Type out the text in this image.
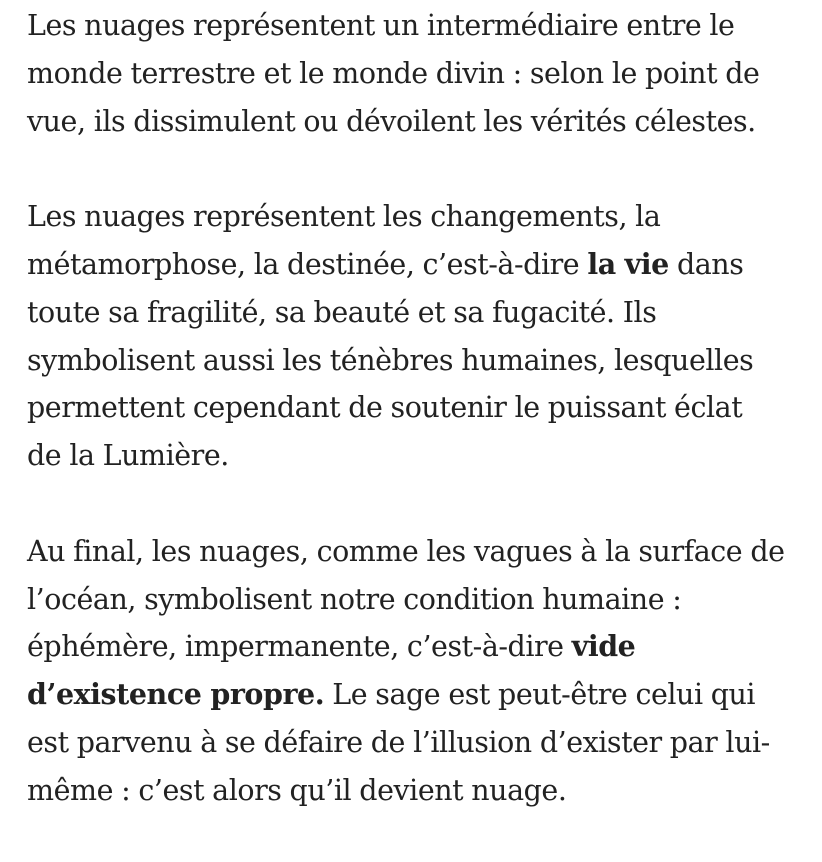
Les nuages représentent un intermédiaire entre le
monde terrestre et le monde divin : selon le point de
vue, ils dissimulent ou dévoilent les vérités célestes.

Les nuages représentent les changements, la
métamorphose, la destinée, c’est-à-dire la vie dans
toute sa fragilité, sa beauté et sa fugacité. Ils
symbolisent aussi les ténèbres humaines, lesquelles
permettent cependant de soutenir le puissant éclat
de la Lumière.

Au final, les nuages, comme les vagues à la surface de
l’océan, symbolisent notre condition humaine :
éphémère, impermanente, c’est-à-dire vide
d’existence propre. Le sage est peut-être celui qui
est parvenu à se défaire de l’illusion d’exister par lui-
même : c’est alors qu’il devient nuage.
